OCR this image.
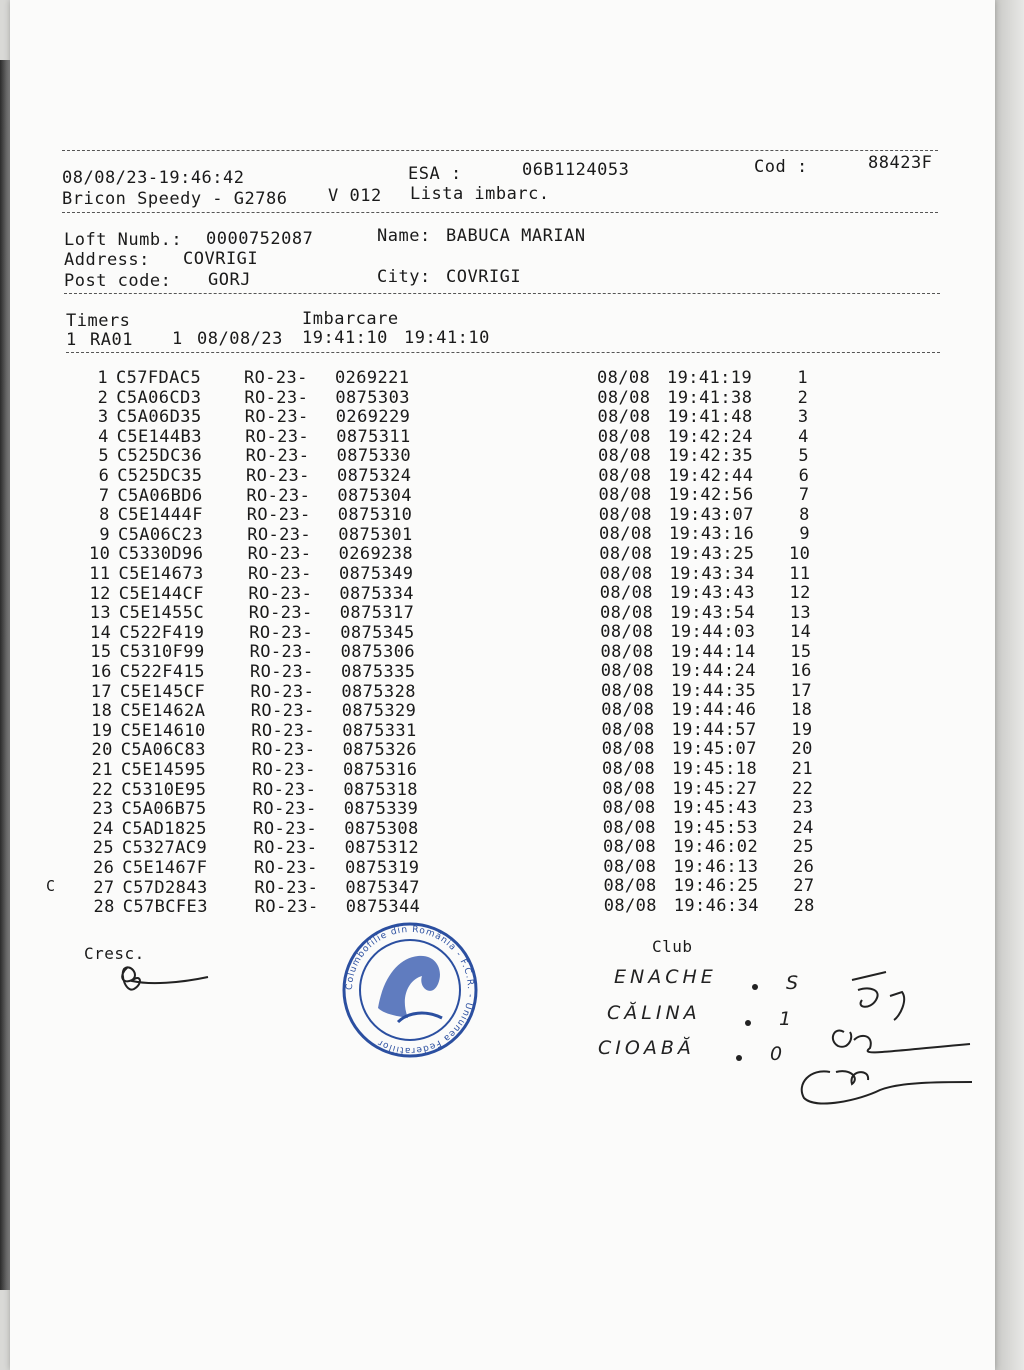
08/08/23-19:46:42	ESA :	06B1124053	Cod :	88423F
Bricon Speedy - G2786 V 012 Lista imbarc.
Loft Numb.: 0000752087	Name: BABUCA MARIAN
Address: COVRIGI
Post code: GORJ	City: COVRIGI
Timers	Imbarcare
1 RA01 1 08/08/23 19:41:10 19:41:10
1 C57FDAC5	RO-23- 0269221	08/08 19:41:19	1
2 C5A06CD3	RO-23- 0875303	08/08 19:41:38	2
3 C5A06D35	RO-23- 0269229	08/08 19:41:48	3
4 C5E144B3	RO-23- 0875311	08/08 19:42:24	4
5 C525DC36	RO-23- 0875330	08/08 19:42:35	5
6 C525DC35	RO-23- 0875324	08/08 19:42:44	6
7 C5A06BD6	RO-23- 0875304	08/08 19:42:56	7
8 C5E1444F	RO-23- 0875310	08/08 19:43:07	8
9 C5A06C23	RO-23- 0875301	08/08 19:43:16	9
10 C5330D96	RO-23- 0269238	08/08 19:43:25 10
11 C5E14673	RO-23- 0875349	08/08 19:43:34 11
12 C5E144CF	RO-23- 0875334	08/08 19:43:43 12
13 C5E1455C	RO-23- 0875317	08/08 19:43:54 13
14 C522F419	RO-23- 0875345	08/08 19:44:03 14
15 C5310F99	RO-23- 0875306	08/08 19:44:14 15
16 C522F415	RO-23- 0875335	08/08 19:44:24 16
17 C5E145CF	RO-23- 0875328	08/08 19:44:35 17
18 C5E1462A	RO-23- 0875329	08/08 19:44:46 18
19 C5E14610	RO-23- 0875331	08/08 19:44:57 19
20 C5A06C83	RO-23- 0875326	08/08 19:45:07 20
21 C5E14595	RO-23- 0875316	08/08 19:45:18 21
22 C5310E95	RO-23- 0875318	08/08 19:45:27 22
23 C5A06B75	RO-23- 0875339	08/08 19:45:43 23
24 C5AD1825	RO-23- 0875308	08/08 19:45:53 24
25 C5327AC9	RO-23- 0875312	08/08 19:46:02 25
26 C5E1467F	RO-23- 0875319	08/08 19:46:13 26
27 C57D2843	RO-23- 0875347	08/08 19:46:25 27
28 C57BCFE3	RO-23- 0875344	08/08 19:46:34 28
C
Cresc.	Club
Columbofilie din România - F.C.R. - Uniunea Federatiilor
ENACHE	S
CĂLINA	1
CIOABĂ	0
